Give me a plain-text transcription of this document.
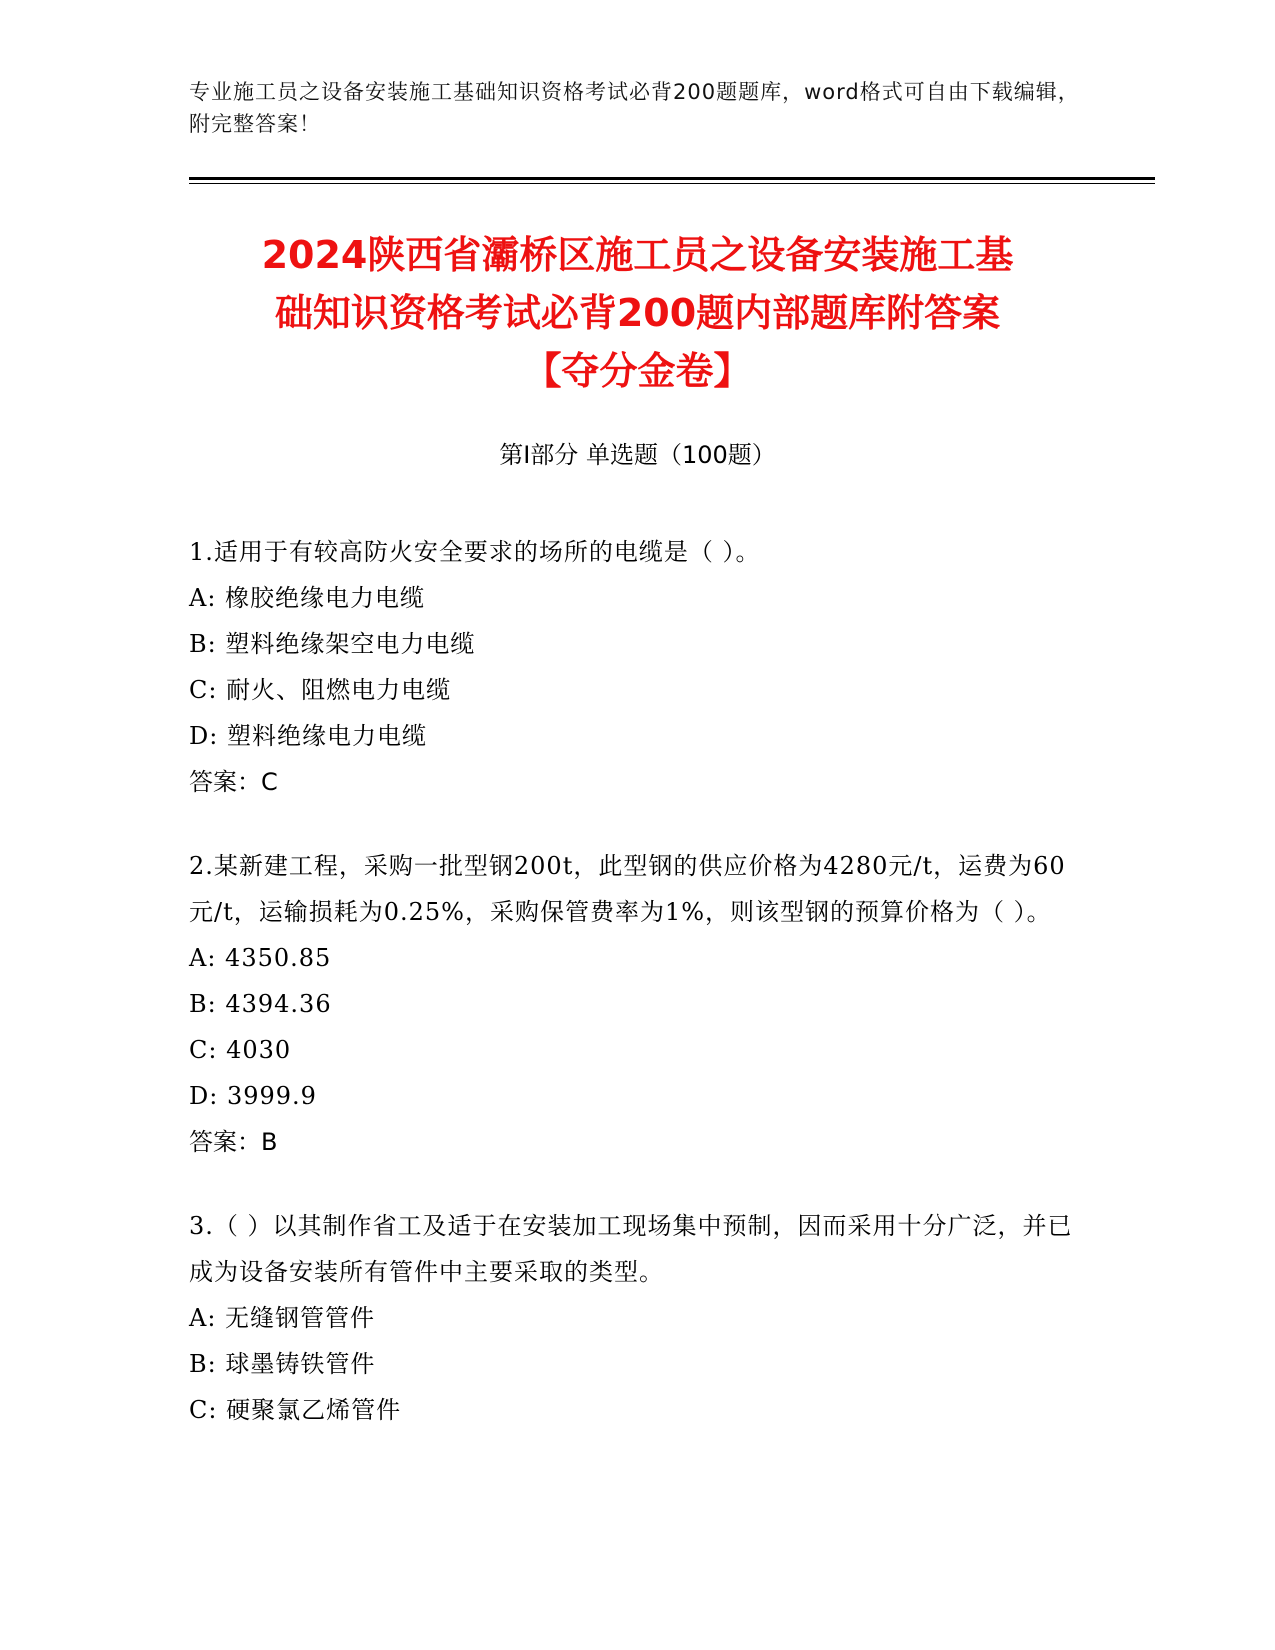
专业施工员之设备安装施工基础知识资格考试必背200题题库，word格式可自由下载编辑，附完整答案！
2024陕西省灞桥区施工员之设备安装施工基
础知识资格考试必背200题内部题库附答案
【夺分金卷】
第Ⅰ部分 单选题（100题）

1.适用于有较高防火安全要求的场所的电缆是（ ）。

A: 橡胶绝缘电力电缆

B: 塑料绝缘架空电力电缆

C: 耐火、阻燃电力电缆

D: 塑料绝缘电力电缆

答案：C

2.某新建工程，采购一批型钢200t，此型钢的供应价格为4280元/t，运费为60元/t，运输损耗为0.25%，采购保管费率为1%，则该型钢的预算价格为（ ）。

A: 4350.85

B: 4394.36

C: 4030

D: 3999.9

答案：B

3.（ ）以其制作省工及适于在安装加工现场集中预制，因而采用十分广泛，并已成为设备安装所有管件中主要采取的类型。

A: 无缝钢管管件

B: 球墨铸铁管件

C: 硬聚氯乙烯管件
